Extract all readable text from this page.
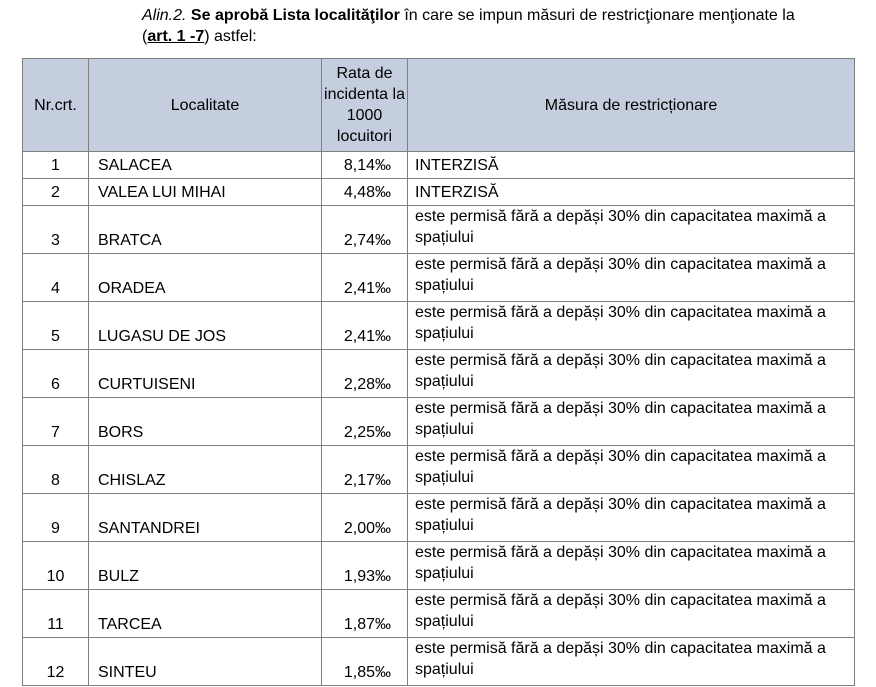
Alin.2. Se aprobă Lista localităţilor în care se impun măsuri de restricţionare menţionate la
(art. 1 -7) astfel:
Nr.crt.	Localitate	Rata de incidenta la 1000 locuitori	Măsura de restricționare
1	SALACEA	8,14‰	INTERZISĂ
2	VALEA LUI MIHAI	4,48‰	INTERZISĂ
3	BRATCA	2,74‰	este permisă fără a depăși 30% din capacitatea maximă a spațiului
4	ORADEA	2,41‰	este permisă fără a depăși 30% din capacitatea maximă a spațiului
5	LUGASU DE JOS	2,41‰	este permisă fără a depăși 30% din capacitatea maximă a spațiului
6	CURTUISENI	2,28‰	este permisă fără a depăși 30% din capacitatea maximă a spațiului
7	BORS	2,25‰	este permisă fără a depăși 30% din capacitatea maximă a spațiului
8	CHISLAZ	2,17‰	este permisă fără a depăși 30% din capacitatea maximă a spațiului
9	SANTANDREI	2,00‰	este permisă fără a depăși 30% din capacitatea maximă a spațiului
10	BULZ	1,93‰	este permisă fără a depăși 30% din capacitatea maximă a spațiului
11	TARCEA	1,87‰	este permisă fără a depăși 30% din capacitatea maximă a spațiului
12	SINTEU	1,85‰	este permisă fără a depăși 30% din capacitatea maximă a spațiului
